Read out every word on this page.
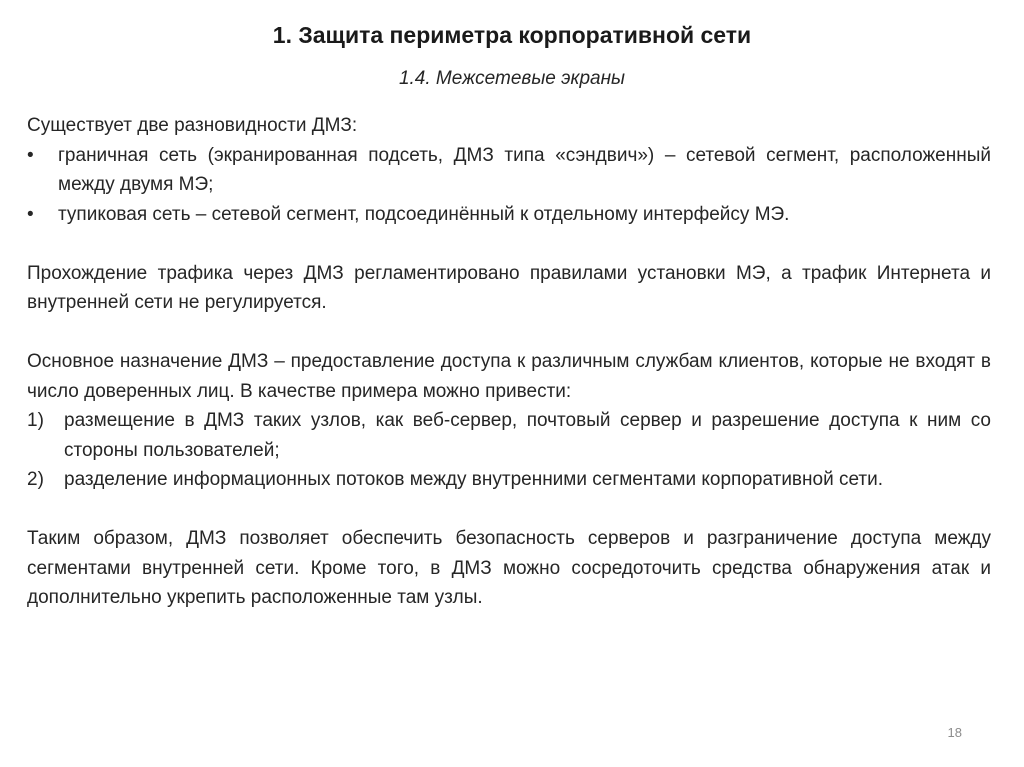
1. Защита периметра корпоративной сети
1.4. Межсетевые экраны

Существует две разновидности ДМЗ:

• граничная сеть (экранированная подсеть, ДМЗ типа «сэндвич») – сетевой сегмент, расположенный между двумя МЭ;
• тупиковая сеть – сетевой сегмент, подсоединённый к отдельному интерфейсу МЭ.

Прохождение трафика через ДМЗ регламентировано правилами установки МЭ, а трафик Интернета и внутренней сети не регулируется.

Основное назначение ДМЗ – предоставление доступа к различным службам клиентов, которые не входят в число доверенных лиц. В качестве примера можно привести:

1) размещение в ДМЗ таких узлов, как веб-сервер, почтовый сервер и разрешение доступа к ним со стороны пользователей;
2) разделение информационных потоков между внутренними сегментами корпоративной сети.

Таким образом, ДМЗ позволяет обеспечить безопасность серверов и разграничение доступа между сегментами внутренней сети. Кроме того, в ДМЗ можно сосредоточить средства обнаружения атак и дополнительно укрепить расположенные там узлы.

18
